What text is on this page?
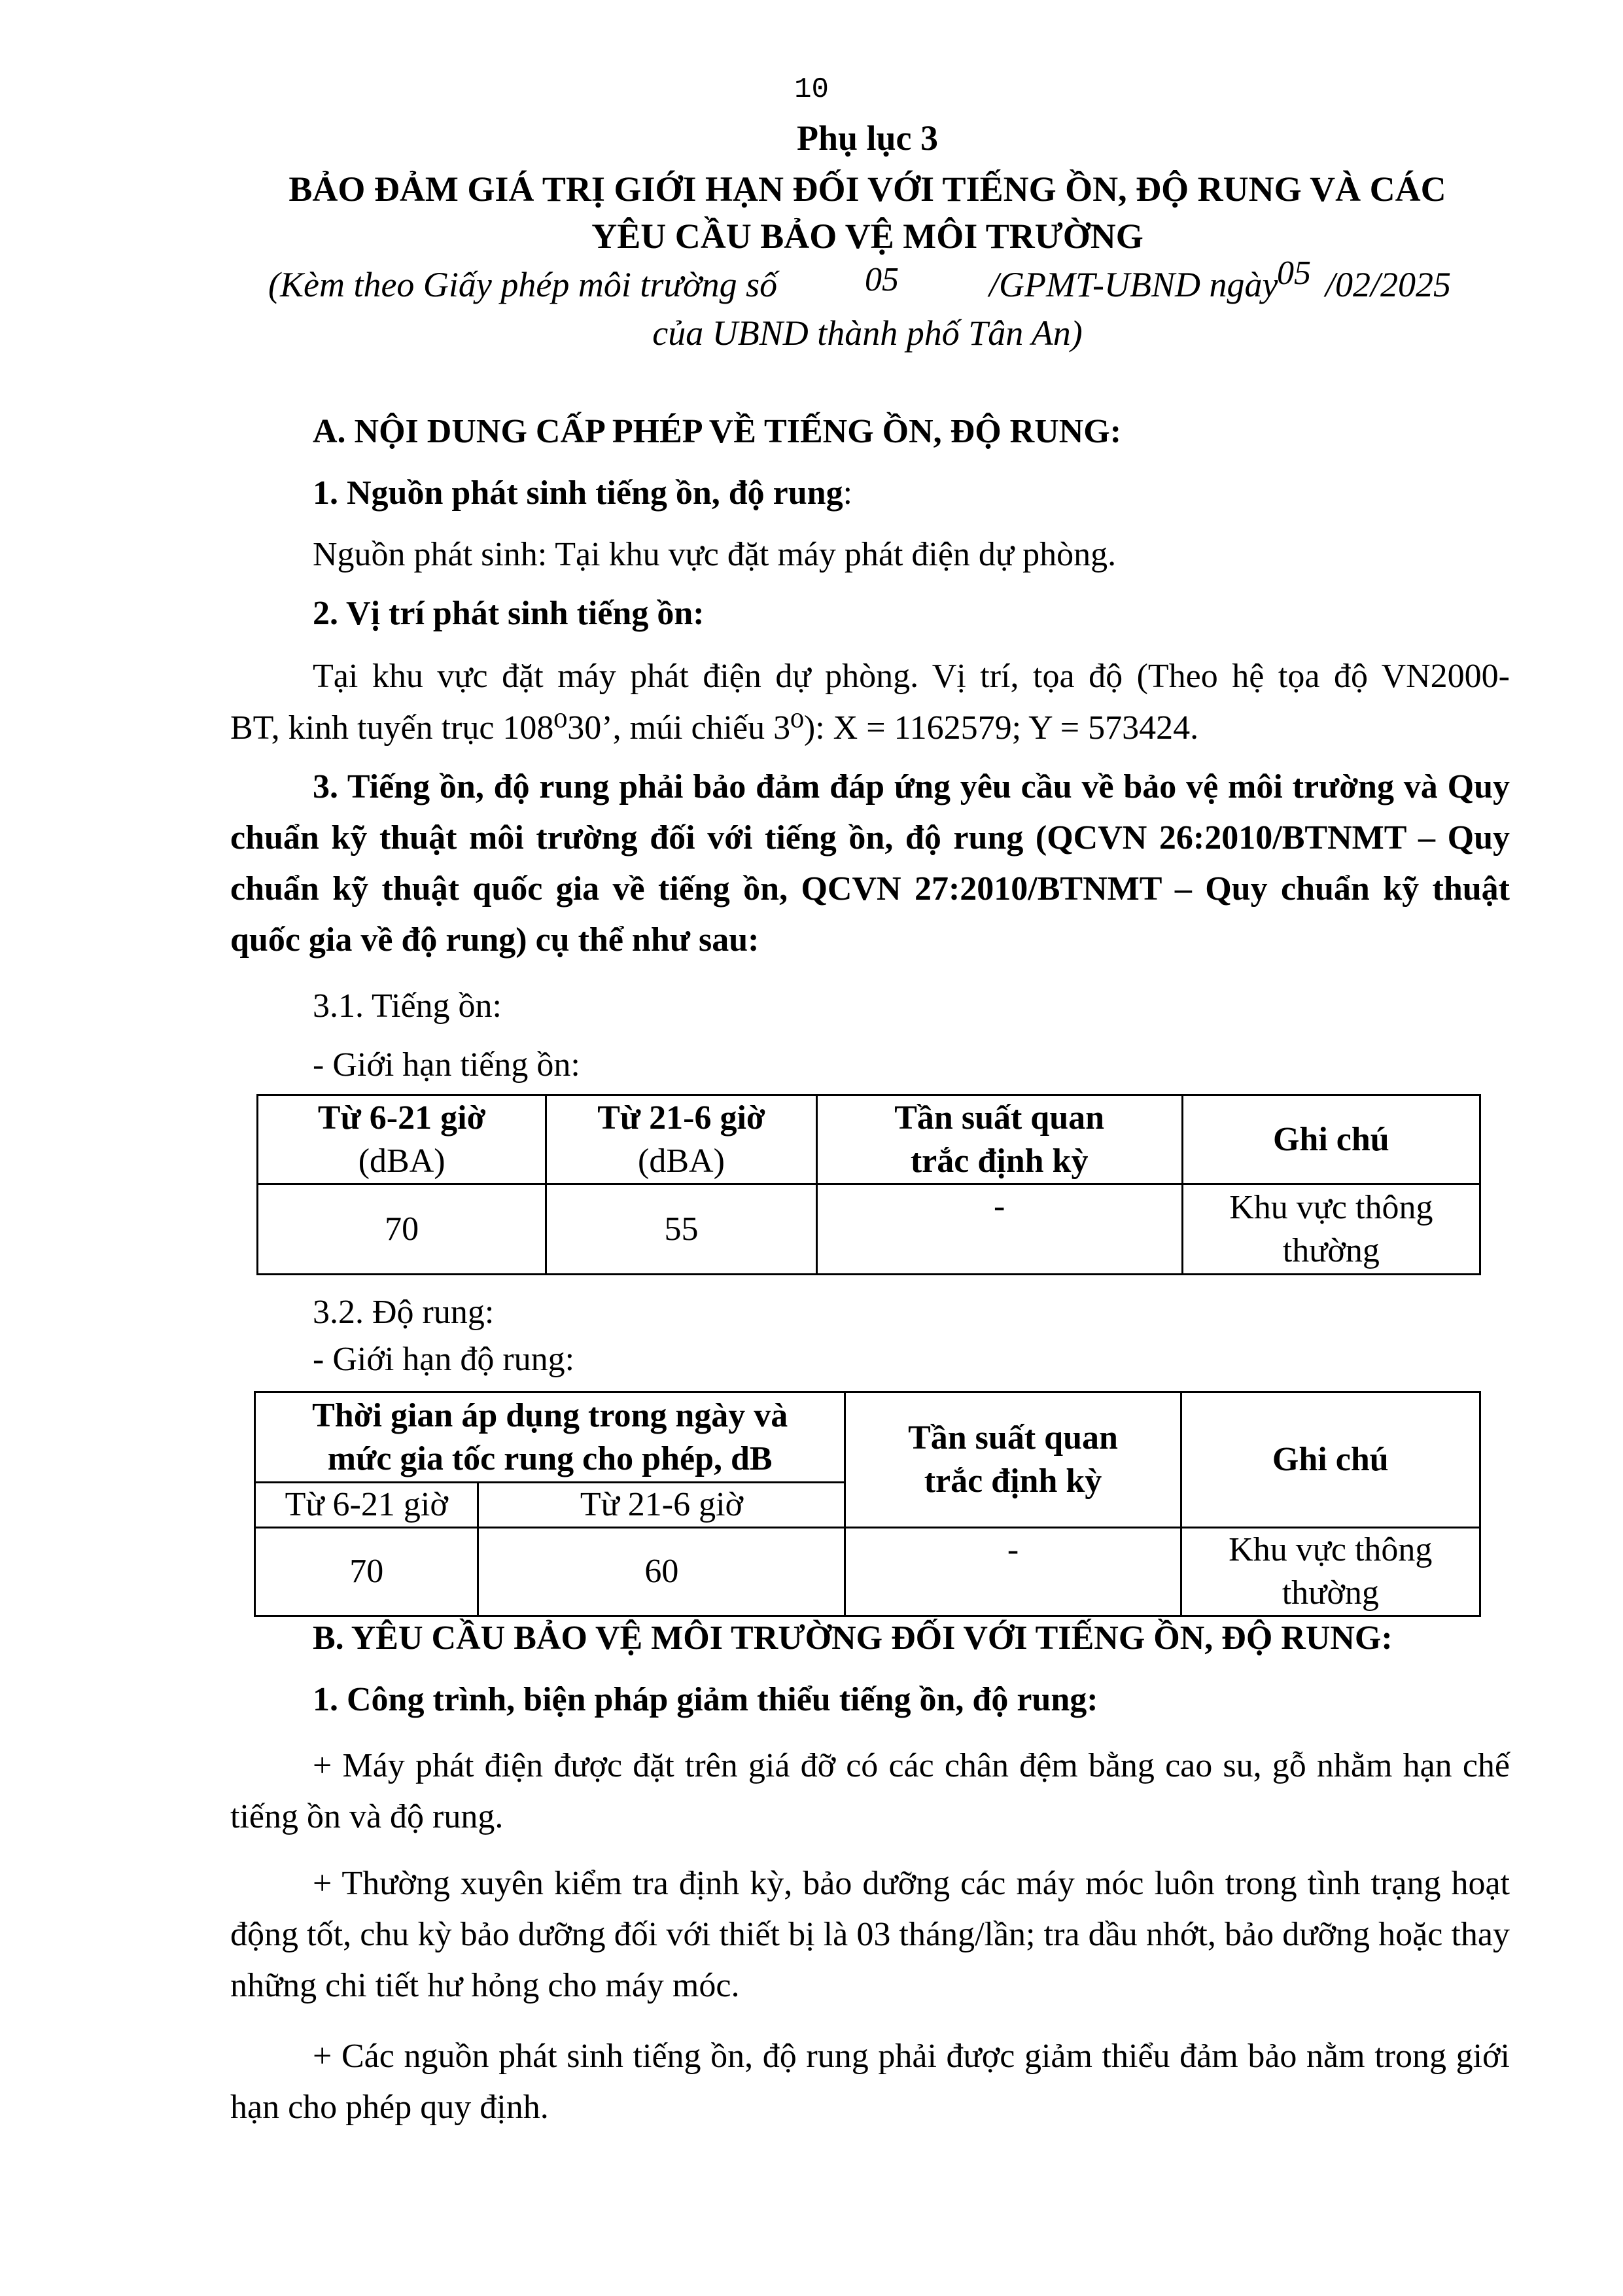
10
Phụ lục 3
BẢO ĐẢM GIÁ TRỊ GIỚI HẠN ĐỐI VỚI TIẾNG ỒN, ĐỘ RUNG VÀ CÁC
YÊU CẦU BẢO VỆ MÔI TRƯỜNG
(Kèm theo Giấy phép môi trường số	05	/GPMT-UBND ngày
05 /02/2025
của UBND thành phố Tân An)
A. NỘI DUNG CẤP PHÉP VỀ TIẾNG ỒN, ĐỘ RUNG:
1. Nguồn phát sinh tiếng ồn, độ rung:
Nguồn phát sinh: Tại khu vực đặt máy phát điện dự phòng.
2. Vị trí phát sinh tiếng ồn:
Tại khu vực đặt máy phát điện dự phòng. Vị trí, tọa độ (Theo hệ tọa độ VN2000-
BT, kinh tuyến trục 108⁰30’, múi chiếu 3⁰): X = 1162579; Y = 573424.
3. Tiếng ồn, độ rung phải bảo đảm đáp ứng yêu cầu về bảo vệ môi trường và Quy chuẩn kỹ thuật môi trường đối với tiếng ồn, độ rung (QCVN 26:2010/BTNMT – Quy chuẩn kỹ thuật quốc gia về tiếng ồn, QCVN 27:2010/BTNMT – Quy chuẩn kỹ thuật quốc gia về độ rung) cụ thể như sau:
3.1. Tiếng ồn:
- Giới hạn tiếng ồn:
Từ 6-21 giờ
(dBA)	Từ 21-6 giờ
(dBA)	Tần suất quan
trắc định kỳ	Ghi chú
70	55	-	Khu vực thông
thường
3.2. Độ rung:
- Giới hạn độ rung:
Thời gian áp dụng trong ngày và
mức gia tốc rung cho phép, dB		Tần suất quan
trắc định kỳ	Ghi chú
Từ 6-21 giờ	Từ 21-6 giờ		
70	60	-	Khu vực thông
thường
B. YÊU CẦU BẢO VỆ MÔI TRƯỜNG ĐỐI VỚI TIẾNG ỒN, ĐỘ RUNG:
1. Công trình, biện pháp giảm thiểu tiếng ồn, độ rung:
+ Máy phát điện được đặt trên giá đỡ có các chân đệm bằng cao su, gỗ nhằm hạn chế tiếng ồn và độ rung.
+ Thường xuyên kiểm tra định kỳ, bảo dưỡng các máy móc luôn trong tình trạng hoạt động tốt, chu kỳ bảo dưỡng đối với thiết bị là 03 tháng/lần; tra dầu nhớt, bảo dưỡng hoặc thay những chi tiết hư hỏng cho máy móc.
+ Các nguồn phát sinh tiếng ồn, độ rung phải được giảm thiểu đảm bảo nằm trong giới hạn cho phép quy định.
